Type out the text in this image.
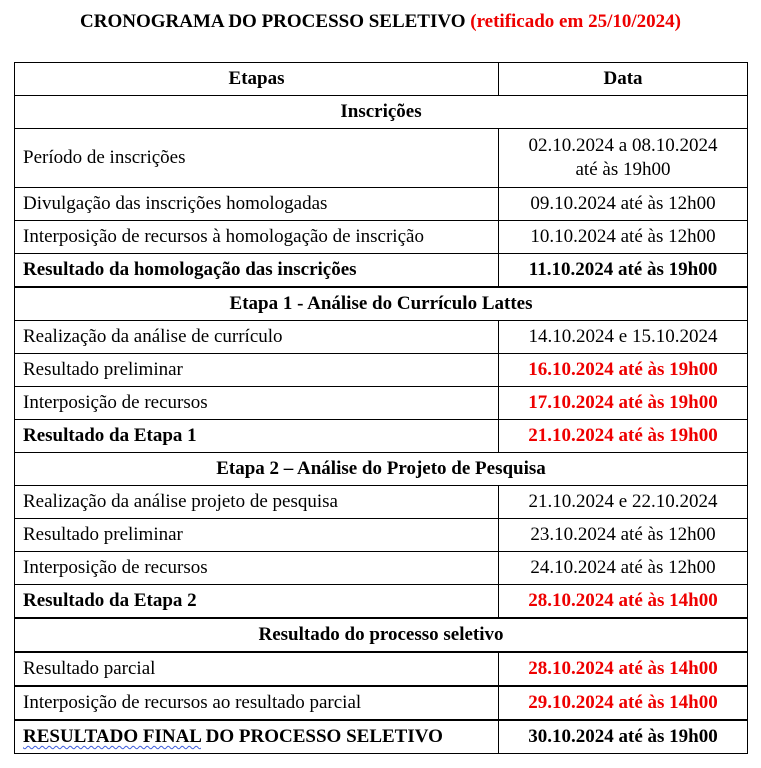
CRONOGRAMA DO PROCESSO SELETIVO (retificado em 25/10/2024)
Etapas	Data
Inscrições	
Período de inscrições	02.10.2024 a 08.10.2024
até às 19h00
Divulgação das inscrições homologadas	09.10.2024 até às 12h00
Interposição de recursos à homologação de inscrição	10.10.2024 até às 12h00
Resultado da homologação das inscrições	11.10.2024 até às 19h00
Etapa 1 - Análise do Currículo Lattes	
Realização da análise de currículo	14.10.2024 e 15.10.2024
Resultado preliminar	16.10.2024 até às 19h00
Interposição de recursos	17.10.2024 até às 19h00
Resultado da Etapa 1	21.10.2024 até às 19h00
Etapa 2 – Análise do Projeto de Pesquisa	
Realização da análise projeto de pesquisa	21.10.2024 e 22.10.2024
Resultado preliminar	23.10.2024 até às 12h00
Interposição de recursos	24.10.2024 até às 12h00
Resultado da Etapa 2	28.10.2024 até às 14h00
Resultado do processo seletivo	
Resultado parcial	28.10.2024 até às 14h00
Interposição de recursos ao resultado parcial	29.10.2024 até às 14h00
RESULTADO FINAL DO PROCESSO SELETIVO	30.10.2024 até às 19h00
